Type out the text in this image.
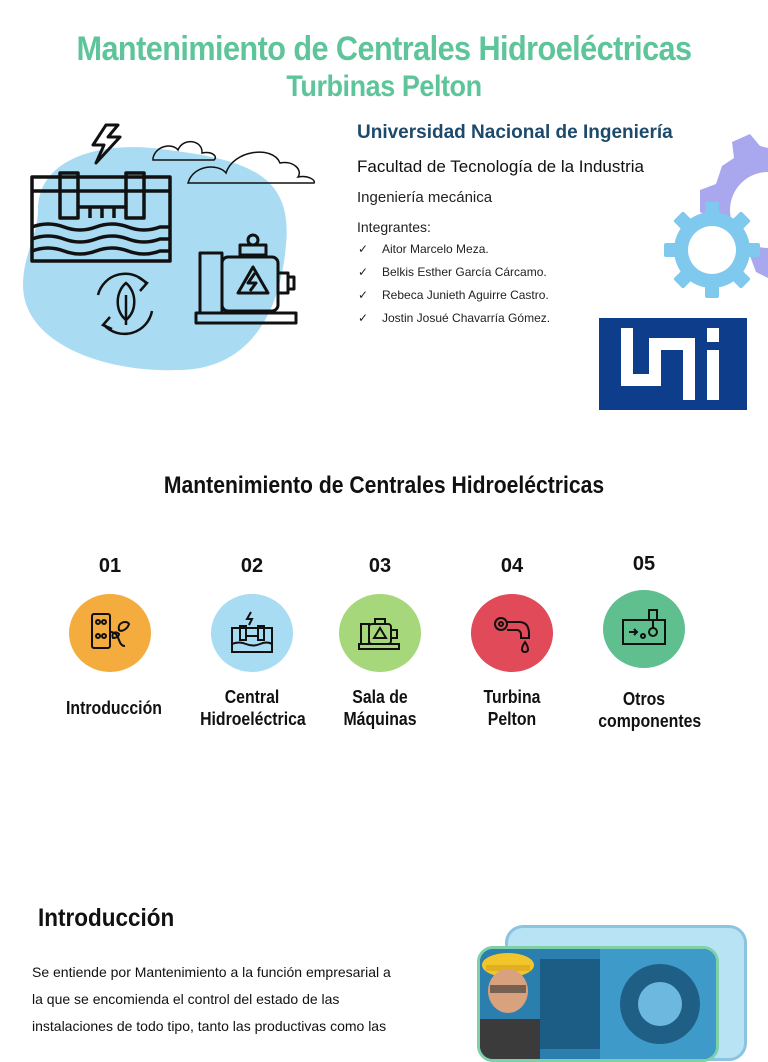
Mantenimiento de Centrales Hidroeléctricas
Turbinas Pelton
Universidad Nacional de Ingeniería
Facultad de Tecnología de la Industria
Ingeniería mecánica
Integrantes:
✓ Aitor Marcelo Meza.
✓ Belkis Esther García Cárcamo.
✓ Rebeca Junieth Aguirre Castro.
✓ Jostin Josué Chavarría Gómez.
Mantenimiento de Centrales Hidroeléctricas
01
Introducción
02
Central
Hidroeléctrica
03
Sala de
Máquinas
04
Turbina
Pelton
05
Otros
componentes
Introducción
Se entiende por Mantenimiento a la función empresarial a
la que se encomienda el control del estado de las
instalaciones de todo tipo, tanto las productivas como las
